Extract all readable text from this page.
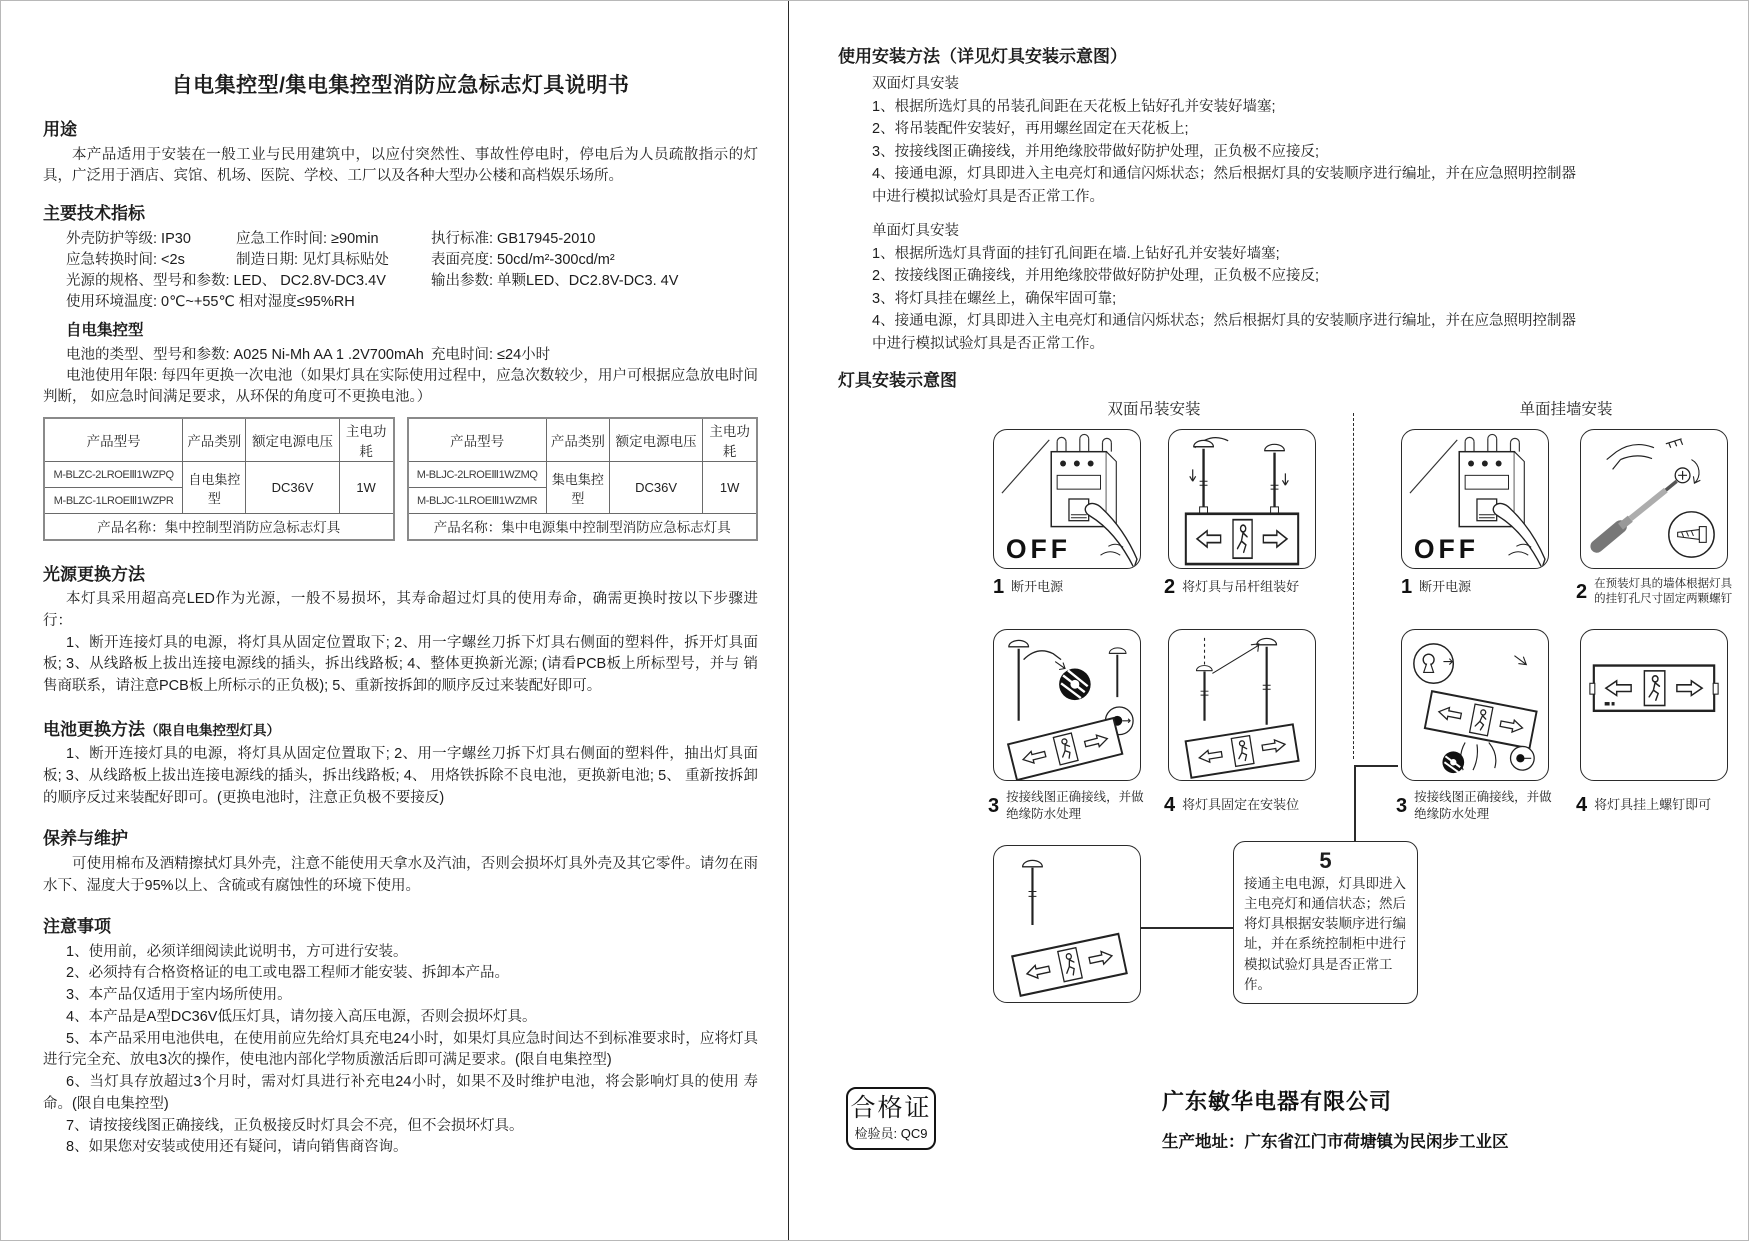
自电集控型/集电集控型消防应急标志灯具说明书
用途

本产品适用于安装在一般工业与民用建筑中，以应付突然性、事故性停电时，停电后为人员疏散指示的灯具，广泛用于酒店、宾馆、机场、医院、学校、工厂以及各种大型办公楼和高档娱乐场所。

主要技术指标
外壳防护等级: IP30	应急工作时间: ≥90min	执行标准: GB17945-2010
应急转换时间: <2s	制造日期: 见灯具标贴处	表面亮度: 50cd/m²-300cd/m²
光源的规格、型号和参数: LED、 DC2.8V-DC3.4V	输出参数: 单颗LED、DC2.8V-DC3. 4V
使用环境温度: 0℃~+55℃ 相对湿度≤95%RH
自电集控型
电池的类型、型号和参数: A025 Ni-Mh AA 1 .2V700mAh 充电时间: ≤24小时

电池使用年限: 每四年更换一次电池（如果灯具在实际使用过程中，应急次数较少，用户可根据应急放电时间判断， 如应急时间满足要求，从环保的角度可不更换电池。）

产品型号	产品类别	额定电源电压	主电功耗
M-BLZC-2LROEⅢ1WZPQ	自电集控型	DC36V	1W
M-BLZC-1LROEⅢ1WZPR			
产品名称：集中控制型消防应急标志灯具			
产品型号	产品类别	额定电源电压	主电功耗
M-BLJC-2LROEⅢ1WZMQ	集电集控型	DC36V	1W
M-BLJC-1LROEⅢ1WZMR			
产品名称：集中电源集中控制型消防应急标志灯具			
光源更换方法

本灯具采用超高亮LED作为光源，一般不易损坏，其寿命超过灯具的使用寿命，确需更换时按以下步骤进行：

1、断开连接灯具的电源，将灯具从固定位置取下; 2、用一字螺丝刀拆下灯具右侧面的塑料件，拆开灯具面 板; 3、从线路板上拔出连接电源线的插头，拆出线路板; 4、整体更换新光源; (请看PCB板上所标型号，并与 销售商联系，请注意PCB板上所标示的正负极); 5、重新按拆卸的顺序反过来装配好即可。

电池更换方法（限自电集控型灯具）

1、断开连接灯具的电源，将灯具从固定位置取下; 2、用一字螺丝刀拆下灯具右侧面的塑料件，抽出灯具面板; 3、从线路板上拔出连接电源线的插头，拆出线路板; 4、 用烙铁拆除不良电池，更换新电池; 5、 重新按拆卸的顺序反过来装配好即可。(更换电池时，注意正负极不要接反)

保养与维护

可使用棉布及酒精擦拭灯具外壳，注意不能使用天拿水及汽油，否则会损坏灯具外壳及其它零件。请勿在雨水下、湿度大于95%以上、含硫或有腐蚀性的环境下使用。

注意事项

1、使用前，必须详细阅读此说明书，方可进行安装。

2、必须持有合格资格证的电工或电器工程师才能安装、拆卸本产品。

3、本产品仅适用于室内场所使用。

4、本产品是A型DC36V低压灯具，请勿接入高压电源，否则会损坏灯具。

5、本产品采用电池供电，在使用前应先给灯具充电24小时，如果灯具应急时间达不到标准要求时，应将灯具进行完全充、放电3次的操作，使电池内部化学物质激活后即可满足要求。(限自电集控型)

6、当灯具存放超过3个月时，需对灯具进行补充电24小时，如果不及时维护电池，将会影响灯具的使用 寿命。(限自电集控型)

7、请按接线图正确接线，正负极接反时灯具会不亮，但不会损坏灯具。

8、如果您对安装或使用还有疑问，请向销售商咨询。

使用安装方法（详见灯具安装示意图）

双面灯具安装

1、根据所选灯具的吊装孔间距在天花板上钻好孔并安装好墙塞;

2、将吊装配件安装好，再用螺丝固定在天花板上;

3、按接线图正确接线，并用绝缘胶带做好防护处理，正负极不应接反;

4、接通电源，灯具即进入主电亮灯和通信闪烁状态；然后根据灯具的安装顺序进行编址，并在应急照明控制器中进行模拟试验灯具是否正常工作。

单面灯具安装

1、根据所选灯具背面的挂钉孔间距在墙.上钻好孔并安装好墙塞;

2、按接线图正确接线，并用绝缘胶带做好防护处理，正负极不应接反;

3、将灯具挂在螺丝上，确保牢固可靠;

4、接通电源，灯具即进入主电亮灯和通信闪烁状态；然后根据灯具的安装顺序进行编址，并在应急照明控制器中进行模拟试验灯具是否正常工作。

灯具安装示意图
双面吊装安装	单面挂墙安装
5
接通主电电源，灯具即进入主电亮灯和通信状态；然后将灯具根据安装顺序进行编址，并在系统控制柜中进行模拟试验灯具是否正常工作。
1 断开电源	2 将灯具与吊杆组装好
3 按接线图正确接线，并做绝缘防水处理	4 将灯具固定在安装位
1 断开电源	2 在预装灯具的墙体根据灯具的挂钉孔尺寸固定两颗螺钉
3 按接线图正确接线，并做绝缘防水处理	4 将灯具挂上螺钉即可
合格证
检验员: QC9
广东敏华电器有限公司
生产地址：广东省江门市荷塘镇为民闲步工业区
